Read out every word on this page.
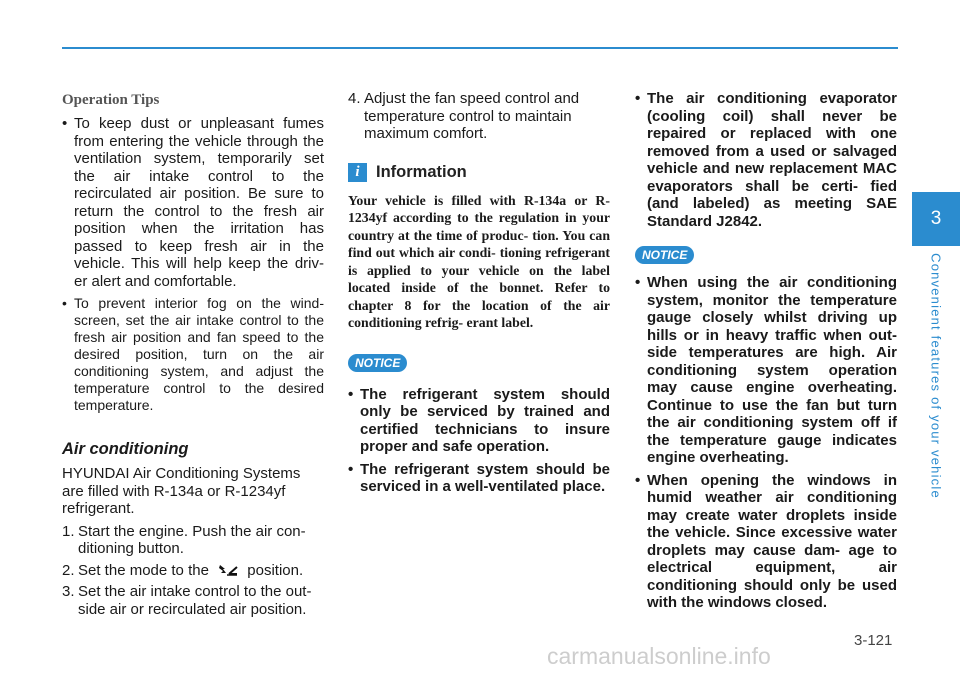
Operation Tips
• To keep dust or unpleasant fumes from entering the vehicle through the ventilation system, temporarily set the air intake control to the recirculated air position. Be sure to return the control to the fresh air position when the irritation has passed to keep fresh air in the vehicle. This will help keep the driv- er alert and comfortable.
• To prevent interior fog on the wind- screen, set the air intake control to the fresh air position and fan speed to the desired position, turn on the air conditioning system, and adjust the temperature control to the desired temperature.
Air conditioning

HYUNDAI Air Conditioning Systems are filled with R-134a or R-1234yf refrigerant.

1. Start the engine. Push the air con- ditioning button.
2. Set the mode to the	position.
3. Set the air intake control to the out- side air or recirculated air position.
4. Adjust the fan speed control and temperature control to maintain maximum comfort.
i Information

Your vehicle is filled with R-134a or R-1234yf according to the regulation in your country at the time of produc- tion. You can find out which air condi- tioning refrigerant is applied to your vehicle on the label located inside of the bonnet. Refer to chapter 8 for the location of the air conditioning refrig- erant label.

NOTICE
• The refrigerant system should only be serviced by trained and certified technicians to insure proper and safe operation.
• The refrigerant system should be serviced in a well-ventilated place.
• The air conditioning evaporator (cooling coil) shall never be repaired or replaced with one removed from a used or salvaged vehicle and new replacement MAC evaporators shall be certi- fied (and labeled) as meeting SAE Standard J2842.
NOTICE
• When using the air conditioning system, monitor the temperature gauge closely whilst driving up hills or in heavy traffic when out- side temperatures are high. Air conditioning system operation may cause engine overheating. Continue to use the fan but turn the air conditioning system off if the temperature gauge indicates engine overheating.
• When opening the windows in humid weather air conditioning may create water droplets inside the vehicle. Since excessive water droplets may cause dam- age to electrical equipment, air conditioning should only be used with the windows closed.
3
Convenient features of your vehicle
3-121
carmanualsonline.info
